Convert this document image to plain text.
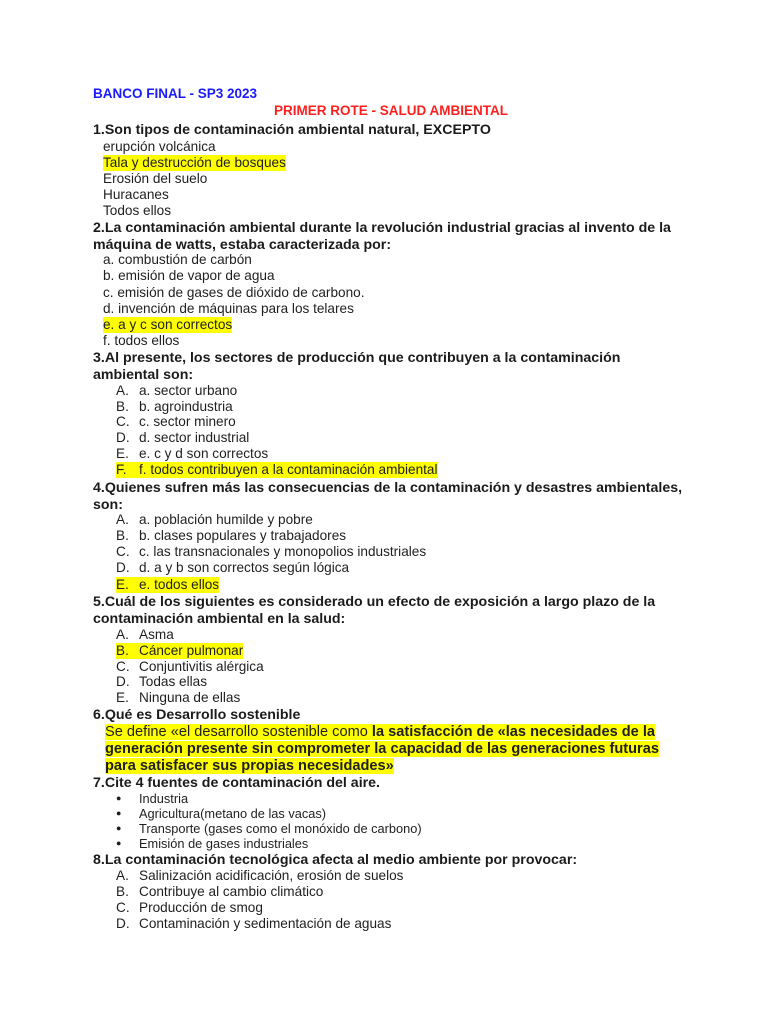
BANCO FINAL - SP3 2023
PRIMER ROTE - SALUD AMBIENTAL
1.Son tipos de contaminación ambiental natural, EXCEPTO
erupción volcánica
Tala y destrucción de bosques
Erosión del suelo
Huracanes
Todos ellos
2.La contaminación ambiental durante la revolución industrial gracias al invento de la máquina de watts, estaba caracterizada por:
a. combustión de carbón
b. emisión de vapor de agua
c. emisión de gases de dióxido de carbono.
d. invención de máquinas para los telares
e. a y c son correctos
f. todos ellos
3.Al presente, los sectores de producción que contribuyen a la contaminación ambiental son:
A. a. sector urbano
B. b. agroindustria
C. c. sector minero
D. d. sector industrial
E. e. c y d son correctos
F. f. todos contribuyen a la contaminación ambiental
4.Quienes sufren más las consecuencias de la contaminación y desastres ambientales, son:
A. a. población humilde y pobre
B. b. clases populares y trabajadores
C. c. las transnacionales y monopolios industriales
D. d. a y b son correctos según lógica
E. e. todos ellos
5.Cuál de los siguientes es considerado un efecto de exposición a largo plazo de la contaminación ambiental en la salud:
A. Asma
B. Cáncer pulmonar
C. Conjuntivitis alérgica
D. Todas ellas
E. Ninguna de ellas
6.Qué es Desarrollo sostenible
Se define «el desarrollo sostenible como la satisfacción de «las necesidades de la generación presente sin comprometer la capacidad de las generaciones futuras para satisfacer sus propias necesidades»
7.Cite 4 fuentes de contaminación del aire.
● Industria
● Agricultura(metano de las vacas)
● Transporte (gases como el monóxido de carbono)
● Emisión de gases industriales
8.La contaminación tecnológica afecta al medio ambiente por provocar:
A. Salinización acidificación, erosión de suelos
B. Contribuye al cambio climático
C. Producción de smog
D. Contaminación y sedimentación de aguas
